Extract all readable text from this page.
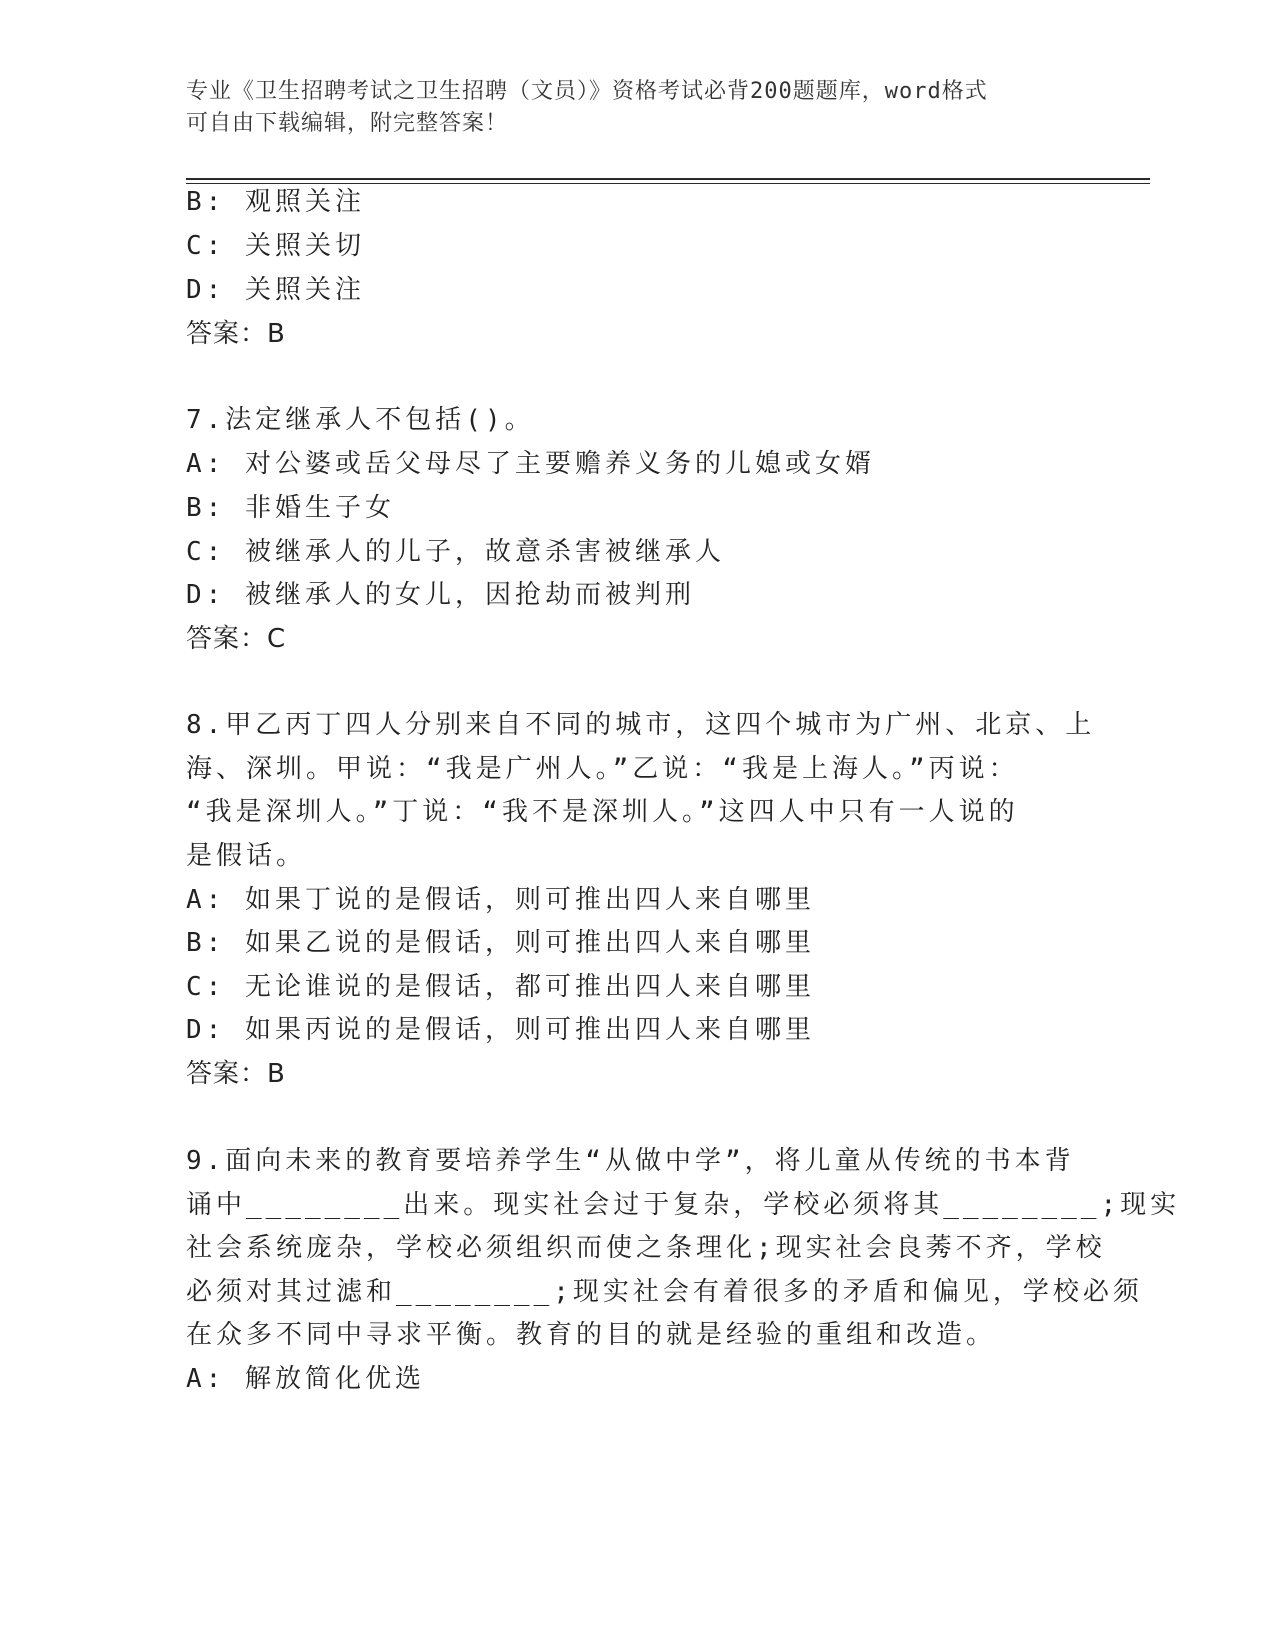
专业《卫生招聘考试之卫生招聘（文员）》资格考试必背200题题库，word格式
可自由下载编辑，附完整答案！

B: 观照关注

C: 关照关切

D: 关照关注

答案：B

7.法定继承人不包括()。

A: 对公婆或岳父母尽了主要赡养义务的儿媳或女婿

B: 非婚生子女

C: 被继承人的儿子，故意杀害被继承人

D: 被继承人的女儿，因抢劫而被判刑

答案：C

8.甲乙丙丁四人分别来自不同的城市，这四个城市为广州、北京、上

海、深圳。甲说：“我是广州人。”乙说：“我是上海人。”丙说：

“我是深圳人。”丁说：“我不是深圳人。”这四人中只有一人说的

是假话。

A: 如果丁说的是假话，则可推出四人来自哪里

B: 如果乙说的是假话，则可推出四人来自哪里

C: 无论谁说的是假话，都可推出四人来自哪里

D: 如果丙说的是假话，则可推出四人来自哪里

答案：B

9.面向未来的教育要培养学生“从做中学”，将儿童从传统的书本背

诵中________出来。现实社会过于复杂，学校必须将其________;现实

社会系统庞杂，学校必须组织而使之条理化;现实社会良莠不齐，学校

必须对其过滤和________;现实社会有着很多的矛盾和偏见，学校必须

在众多不同中寻求平衡。教育的目的就是经验的重组和改造。

A: 解放简化优选
